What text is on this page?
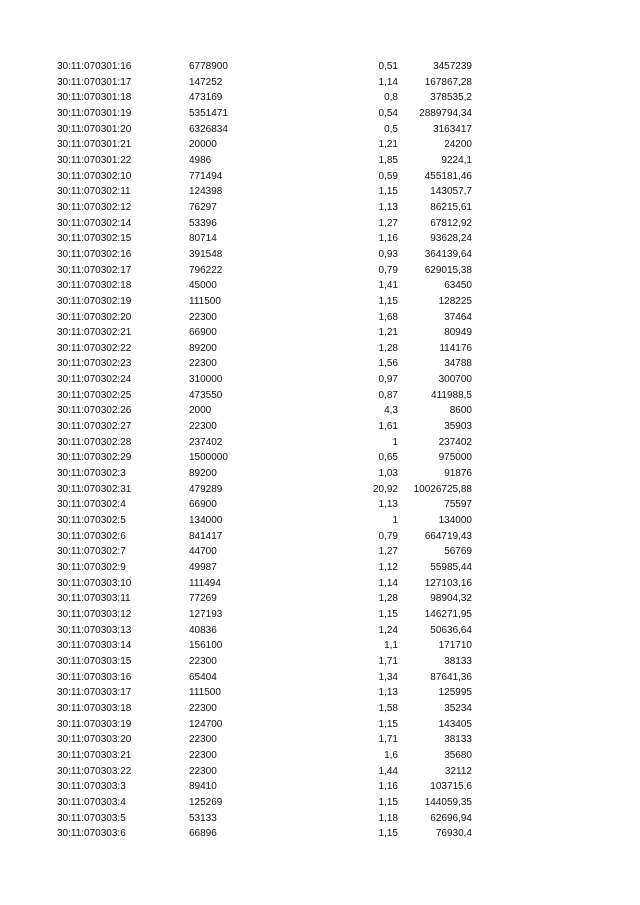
30:11:070301:16	6778900	0,51	3457239
30:11:070301:17	147252	1,14	167867,28
30:11:070301:18	473169	0,8	378535,2
30:11:070301:19	5351471	0,54 2889794,34
30:11:070301:20	6326834	0,5	3163417
30:11:070301:21	20000	1,21	24200
30:11:070301:22	4986	1,85	9224,1
30:11:070302:10	771494	0,59	455181,46
30:11:070302:11	124398	1,15	143057,7
30:11:070302:12	76297	1,13	86215,61
30:11:070302:14	53396	1,27	67812,92
30:11:070302:15	80714	1,16	93628,24
30:11:070302:16	391548	0,93	364139,64
30:11:070302:17	796222	0,79	629015,38
30:11:070302:18	45000	1,41	63450
30:11:070302:19	111500	1,15	128225
30:11:070302:20	22300	1,68	37464
30:11:070302:21	66900	1,21	80949
30:11:070302:22	89200	1,28	114176
30:11:070302:23	22300	1,56	34788
30:11:070302:24	310000	0,97	300700
30:11:070302:25	473550	0,87	411988,5
30:11:070302:26	2000	4,3	8600
30:11:070302:27	22300	1,61	35903
30:11:070302:28	237402	1	237402
30:11:070302:29	1500000	0,65	975000
30:11:070302:3	89200	1,03	91876
30:11:070302:31	479289	20,92 10026725,88
30:11:070302:4	66900	1,13	75597
30:11:070302:5	134000	1	134000
30:11:070302:6	841417	0,79	664719,43
30:11:070302:7	44700	1,27	56769
30:11:070302:9	49987	1,12	55985,44
30:11:070303:10	111494	1,14	127103,16
30:11:070303:11	77269	1,28	98904,32
30:11:070303:12	127193	1,15	146271,95
30:11:070303:13	40836	1,24	50636,64
30:11:070303:14	156100	1,1	171710
30:11:070303:15	22300	1,71	38133
30:11:070303:16	65404	1,34	87641,36
30:11:070303:17	111500	1,13	125995
30:11:070303:18	22300	1,58	35234
30:11:070303:19	124700	1,15	143405
30:11:070303:20	22300	1,71	38133
30:11:070303:21	22300	1,6	35680
30:11:070303:22	22300	1,44	32112
30:11:070303:3	89410	1,16	103715,6
30:11:070303:4	125269	1,15	144059,35
30:11:070303:5	53133	1,18	62696,94
30:11:070303:6	66896	1,15	76930,4
